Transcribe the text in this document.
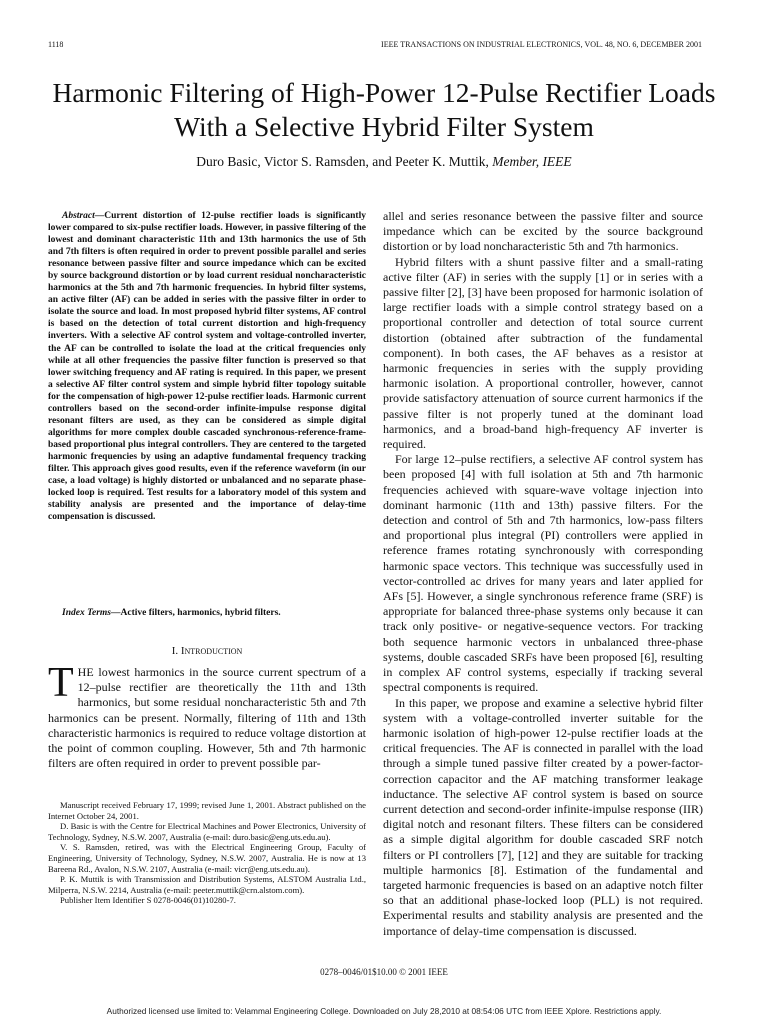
1118	IEEE TRANSACTIONS ON INDUSTRIAL ELECTRONICS, VOL. 48, NO. 6, DECEMBER 2001
Harmonic Filtering of High-Power 12-Pulse Rectifier Loads With a Selective Hybrid Filter System
Duro Basic, Victor S. Ramsden, and Peeter K. Muttik, Member, IEEE

Abstract—Current distortion of 12-pulse rectifier loads is significantly lower compared to six-pulse rectifier loads. However, in passive filtering of the lowest and dominant characteristic 11th and 13th harmonics the use of 5th and 7th filters is often required in order to prevent possible parallel and series resonance between passive filter and source impedance which can be excited by source background distortion or by load current residual noncharacteristic harmonics at the 5th and 7th harmonic frequencies. In hybrid filter systems, an active filter (AF) can be added in series with the passive filter in order to isolate the source and load. In most proposed hybrid filter systems, AF control is based on the detection of total current distortion and high-frequency inverters. With a selective AF control system and voltage-controlled inverter, the AF can be controlled to isolate the load at the critical frequencies only while at all other frequencies the passive filter function is preserved so that lower switching frequency and AF rating is required. In this paper, we present a selective AF filter control system and simple hybrid filter topology suitable for the compensation of high-power 12-pulse rectifier loads. Harmonic current controllers based on the second-order infinite-impulse response digital resonant filters are used, as they can be considered as simple digital algorithms for more complex double cascaded synchronous-reference-frame-based proportional plus integral controllers. They are centered to the targeted harmonic frequencies by using an adaptive fundamental frequency tracking filter. This approach gives good results, even if the reference waveform (in our case, a load voltage) is highly distorted or unbalanced and no separate phase-locked loop is required. Test results for a laboratory model of this system and stability analysis are presented and the importance of delay-time compensation is discussed.

Index Terms—Active filters, harmonics, hybrid filters.

I. Introduction
THE lowest harmonics in the source current spectrum of a 12–pulse rectifier are theoretically the 11th and 13th harmonics, but some residual noncharacteristic 5th and 7th harmonics can be present. Normally, filtering of 11th and 13th characteristic harmonics is required to reduce voltage distortion at the point of common coupling. However, 5th and 7th harmonic filters are often required in order to prevent possible par-

Manuscript received February 17, 1999; revised June 1, 2001. Abstract published on the Internet October 24, 2001.

D. Basic is with the Centre for Electrical Machines and Power Electronics, University of Technology, Sydney, N.S.W. 2007, Australia (e-mail: duro.basic@eng.uts.edu.au).

V. S. Ramsden, retired, was with the Electrical Engineering Group, Faculty of Engineering, University of Technology, Sydney, N.S.W. 2007, Australia. He is now at 13 Bareena Rd., Avalon, N.S.W. 2107, Australia (e-mail: vicr@eng.uts.edu.au).

P. K. Muttik is with Transmission and Distribution Systems, ALSTOM Australia Ltd., Milperra, N.S.W. 2214, Australia (e-mail: peeter.muttik@crn.alstom.com).

Publisher Item Identifier S 0278-0046(01)10280-7.

allel and series resonance between the passive filter and source impedance which can be excited by the source background distortion or by load noncharacteristic 5th and 7th harmonics.

Hybrid filters with a shunt passive filter and a small-rating active filter (AF) in series with the supply [1] or in series with a passive filter [2], [3] have been proposed for harmonic isolation of large rectifier loads with a simple control strategy based on a proportional controller and detection of total source current distortion (obtained after subtraction of the fundamental component). In both cases, the AF behaves as a resistor at harmonic frequencies in series with the supply providing harmonic isolation. A proportional controller, however, cannot provide satisfactory attenuation of source current harmonics if the passive filter is not properly tuned at the dominant load harmonics, and a broad-band high-frequency AF inverter is required.

For large 12–pulse rectifiers, a selective AF control system has been proposed [4] with full isolation at 5th and 7th harmonic frequencies achieved with square-wave voltage injection into dominant harmonic (11th and 13th) passive filters. For the detection and control of 5th and 7th harmonics, low-pass filters and proportional plus integral (PI) controllers were applied in reference frames rotating synchronously with corresponding harmonic space vectors. This technique was successfully used in vector-controlled ac drives for many years and later applied for AFs [5]. However, a single synchronous reference frame (SRF) is appropriate for balanced three-phase systems only because it can track only positive- or negative-sequence vectors. For tracking both sequence harmonic vectors in unbalanced three-phase systems, double cascaded SRFs have been proposed [6], resulting in complex AF control systems, especially if tracking several spectral components is required.

In this paper, we propose and examine a selective hybrid filter system with a voltage-controlled inverter suitable for the harmonic isolation of high-power 12-pulse rectifier loads at the critical frequencies. The AF is connected in parallel with the load through a simple tuned passive filter created by a power-factor-correction capacitor and the AF matching transformer leakage inductance. The selective AF control system is based on source current detection and second-order infinite-impulse response (IIR) digital notch and resonant filters. These filters can be considered as a simple digital algorithm for double cascaded SRF notch filters or PI controllers [7], [12] and they are suitable for tracking multiple harmonics [8]. Estimation of the fundamental and targeted harmonic frequencies is based on an adaptive notch filter so that an additional phase-locked loop (PLL) is not required. Experimental results and stability analysis are presented and the importance of delay-time compensation is discussed.

0278–0046/01$10.00 © 2001 IEEE
Authorized licensed use limited to: Velammal Engineering College. Downloaded on July 28,2010 at 08:54:06 UTC from IEEE Xplore. Restrictions apply.
